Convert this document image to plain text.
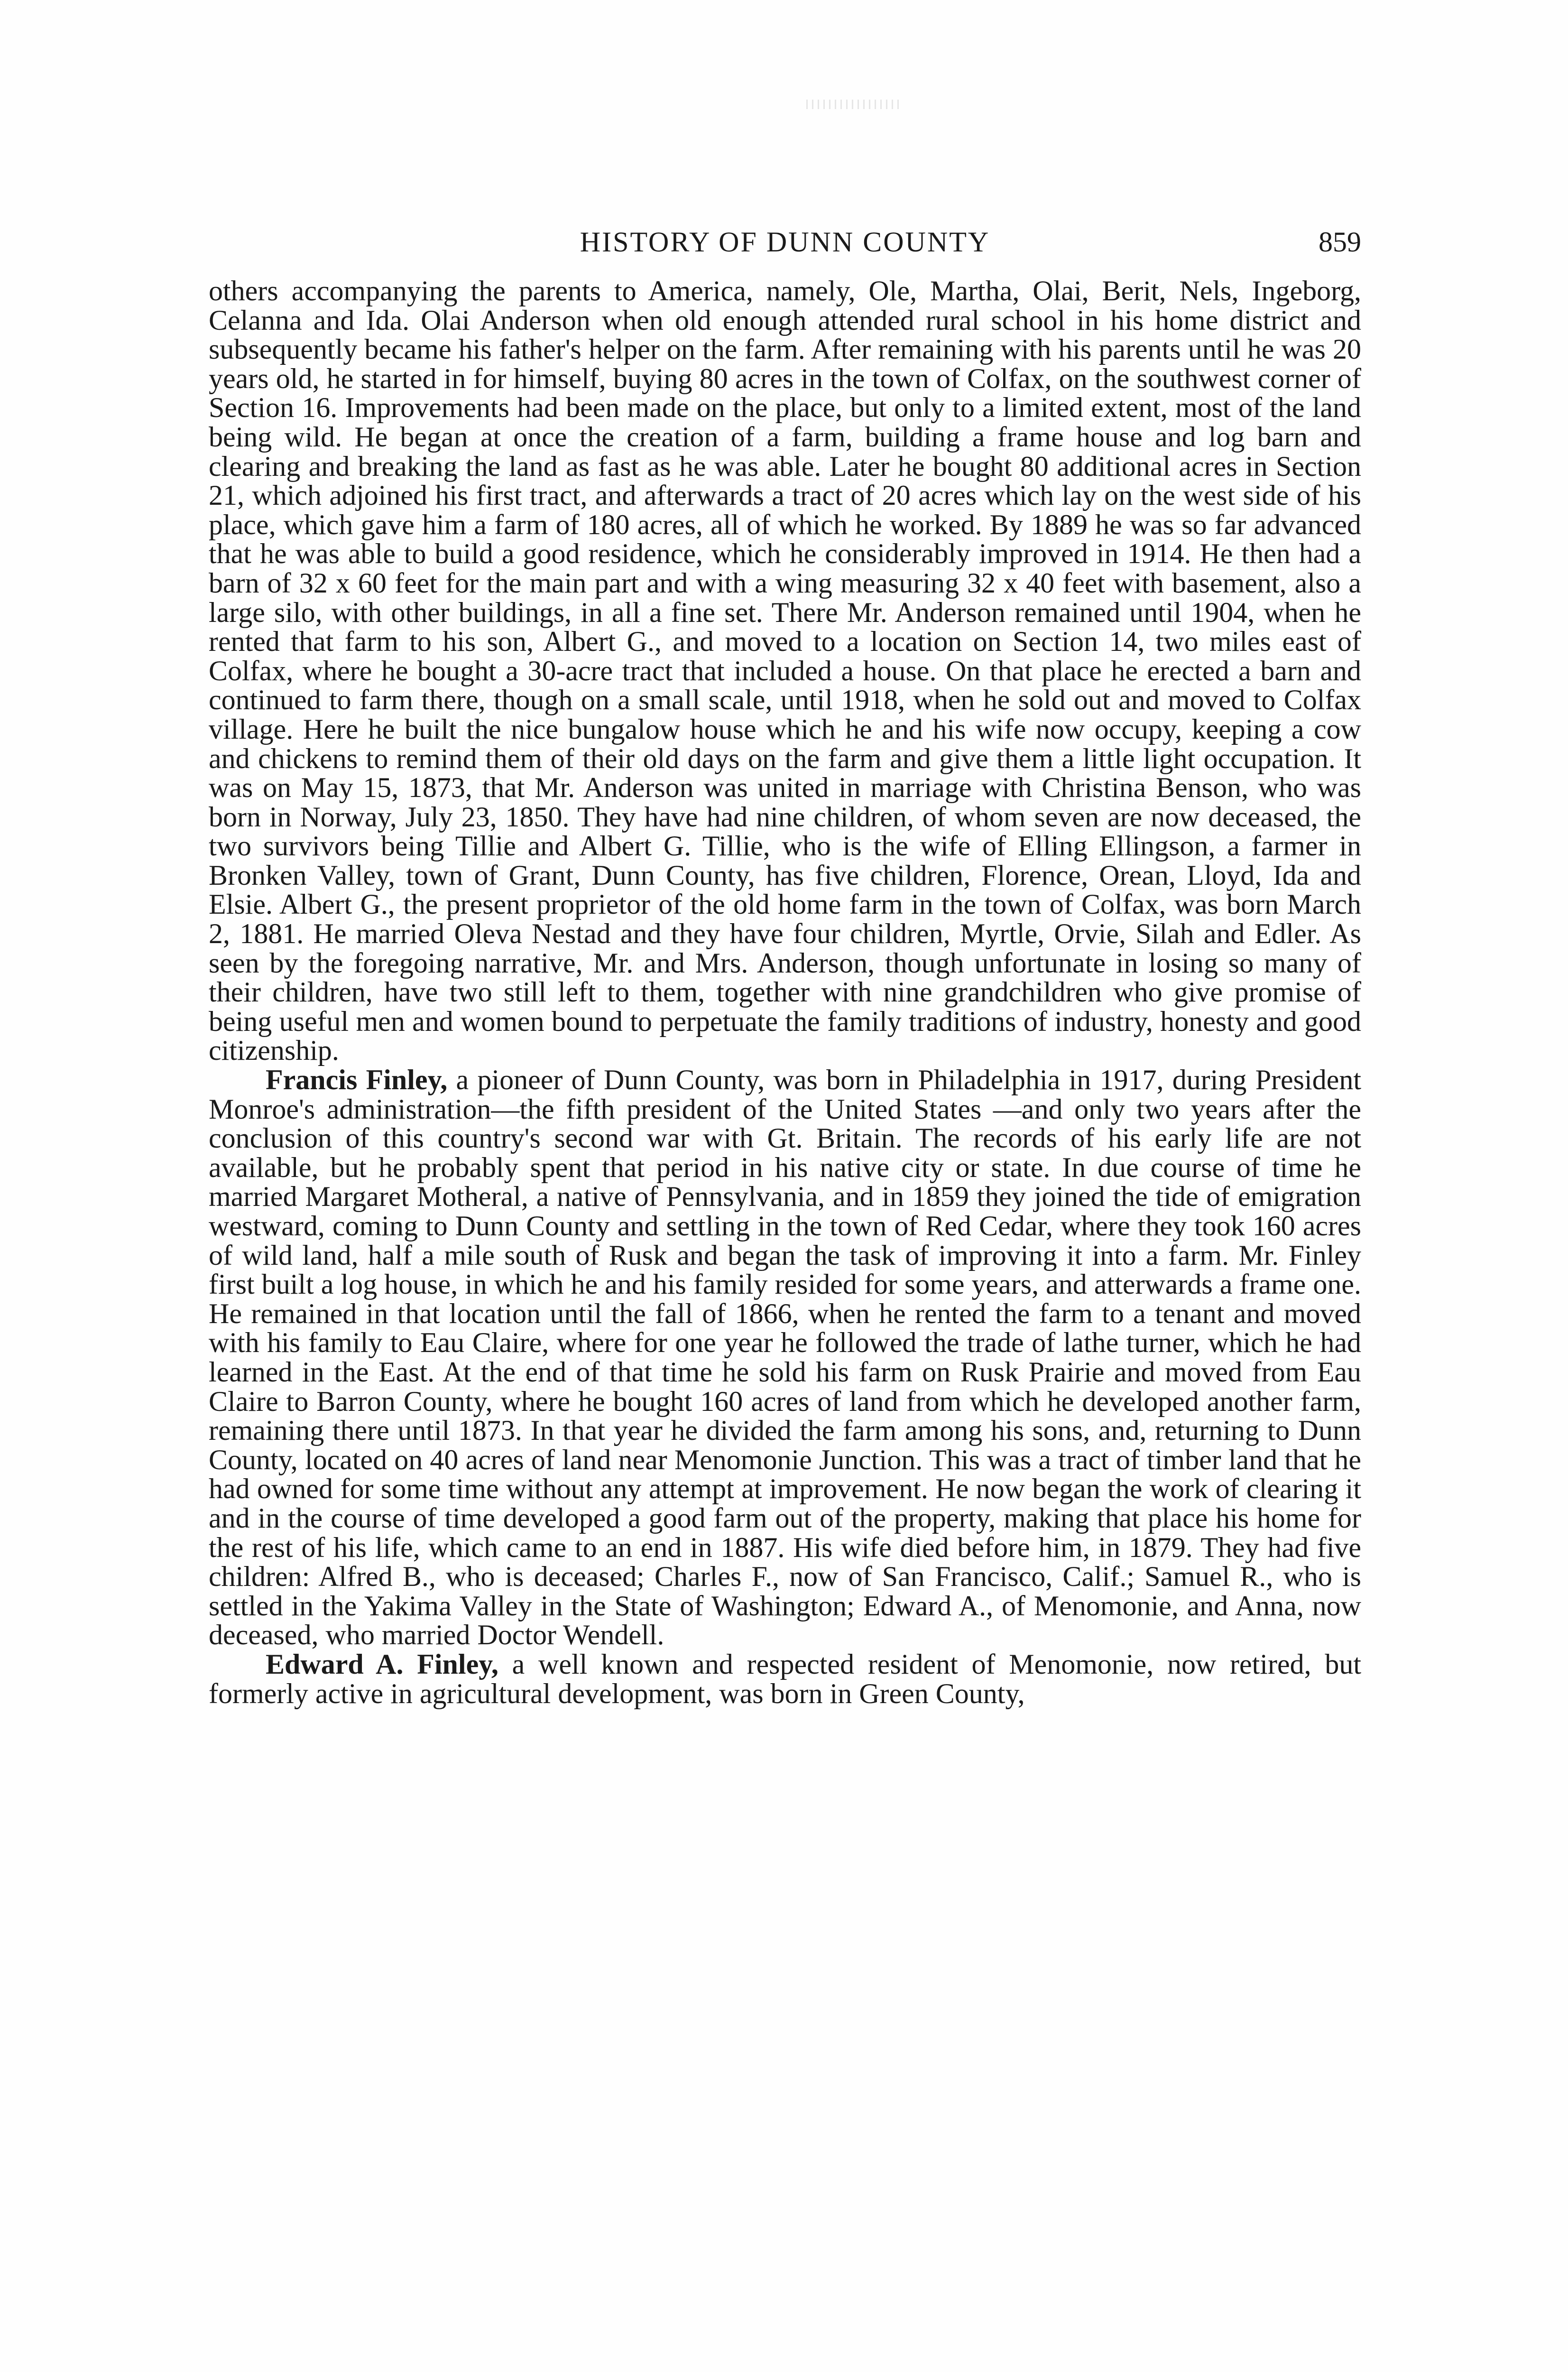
HISTORY OF DUNN COUNTY	859

others accompanying the parents to America, namely, Ole, Martha, Olai, Berit, Nels, Ingeborg, Celanna and Ida. Olai Anderson when old enough attended rural school in his home district and subsequently became his father's helper on the farm. After remaining with his parents until he was 20 years old, he started in for himself, buying 80 acres in the town of Colfax, on the southwest corner of Section 16. Improvements had been made on the place, but only to a limited extent, most of the land being wild. He began at once the creation of a farm, building a frame house and log barn and clearing and breaking the land as fast as he was able. Later he bought 80 additional acres in Section 21, which adjoined his first tract, and afterwards a tract of 20 acres which lay on the west side of his place, which gave him a farm of 180 acres, all of which he worked. By 1889 he was so far advanced that he was able to build a good residence, which he considerably improved in 1914. He then had a barn of 32 x 60 feet for the main part and with a wing measuring 32 x 40 feet with basement, also a large silo, with other buildings, in all a fine set. There Mr. Anderson remained until 1904, when he rented that farm to his son, Albert G., and moved to a location on Section 14, two miles east of Colfax, where he bought a 30-acre tract that included a house. On that place he erected a barn and continued to farm there, though on a small scale, until 1918, when he sold out and moved to Colfax village. Here he built the nice bungalow house which he and his wife now occupy, keeping a cow and chickens to remind them of their old days on the farm and give them a little light occupation. It was on May 15, 1873, that Mr. Anderson was united in marriage with Christina Benson, who was born in Norway, July 23, 1850. They have had nine children, of whom seven are now deceased, the two survivors being Tillie and Albert G. Tillie, who is the wife of Elling Ellingson, a farmer in Bronken Valley, town of Grant, Dunn County, has five children, Florence, Orean, Lloyd, Ida and Elsie. Albert G., the present proprietor of the old home farm in the town of Colfax, was born March 2, 1881. He married Oleva Nestad and they have four children, Myrtle, Orvie, Silah and Edler. As seen by the foregoing narrative, Mr. and Mrs. Anderson, though unfortunate in losing so many of their children, have two still left to them, together with nine grandchildren who give promise of being useful men and women bound to perpetuate the family traditions of industry, honesty and good citizenship.

Francis Finley, a pioneer of Dunn County, was born in Philadelphia in 1917, during President Monroe's administration—the fifth president of the United States —and only two years after the conclusion of this country's second war with Gt. Britain. The records of his early life are not available, but he probably spent that period in his native city or state. In due course of time he married Margaret Motheral, a native of Pennsylvania, and in 1859 they joined the tide of emigration westward, coming to Dunn County and settling in the town of Red Cedar, where they took 160 acres of wild land, half a mile south of Rusk and began the task of improving it into a farm. Mr. Finley first built a log house, in which he and his family resided for some years, and atterwards a frame one. He remained in that location until the fall of 1866, when he rented the farm to a tenant and moved with his family to Eau Claire, where for one year he followed the trade of lathe turner, which he had learned in the East. At the end of that time he sold his farm on Rusk Prairie and moved from Eau Claire to Barron County, where he bought 160 acres of land from which he developed another farm, remaining there until 1873. In that year he divided the farm among his sons, and, returning to Dunn County, located on 40 acres of land near Menomonie Junction. This was a tract of timber land that he had owned for some time without any attempt at improvement. He now began the work of clearing it and in the course of time developed a good farm out of the property, making that place his home for the rest of his life, which came to an end in 1887. His wife died before him, in 1879. They had five children: Alfred B., who is deceased; Charles F., now of San Francisco, Calif.; Samuel R., who is settled in the Yakima Valley in the State of Washington; Edward A., of Menomonie, and Anna, now deceased, who married Doctor Wendell.

Edward A. Finley, a well known and respected resident of Menomonie, now retired, but formerly active in agricultural development, was born in Green County,
